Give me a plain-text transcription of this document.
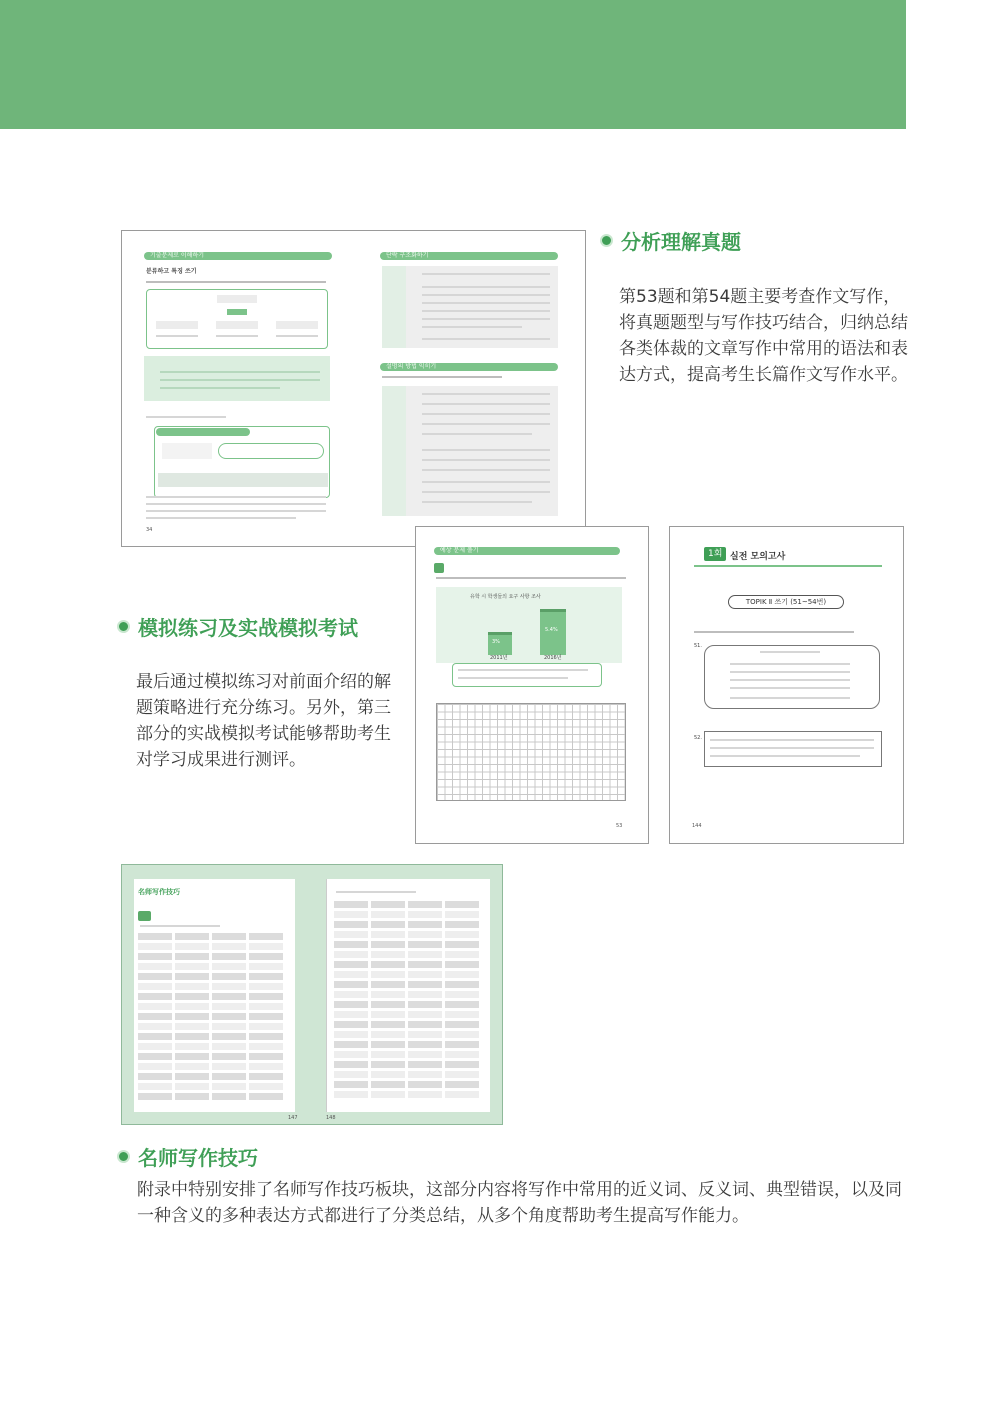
기출문제로 이해하기
분류하고 특징 쓰기
34
단락 구조화하기
설명의 방법 익히기
예상 문제 풀기

유학 시 학생들의 요구 사항 조사
3%
5.4%
2011년	2016년
53
1회 실전 모의고사
TOPIK Ⅱ 쓰기 (51~54번)
51.
52.
144
名师写作技巧

147	148
分析理解真题
第53题和第54题主要考查作文写作，将真题题型与写作技巧结合，归纳总结各类体裁的文章写作中常用的语法和表达方式，提高考生长篇作文写作水平。
模拟练习及实战模拟考试
最后通过模拟练习对前面介绍的解题策略进行充分练习。另外，第三部分的实战模拟考试能够帮助考生对学习成果进行测评。
名师写作技巧
附录中特别安排了名师写作技巧板块，这部分内容将写作中常用的近义词、反义词、典型错误，以及同一种含义的多种表达方式都进行了分类总结，从多个角度帮助考生提高写作能力。
